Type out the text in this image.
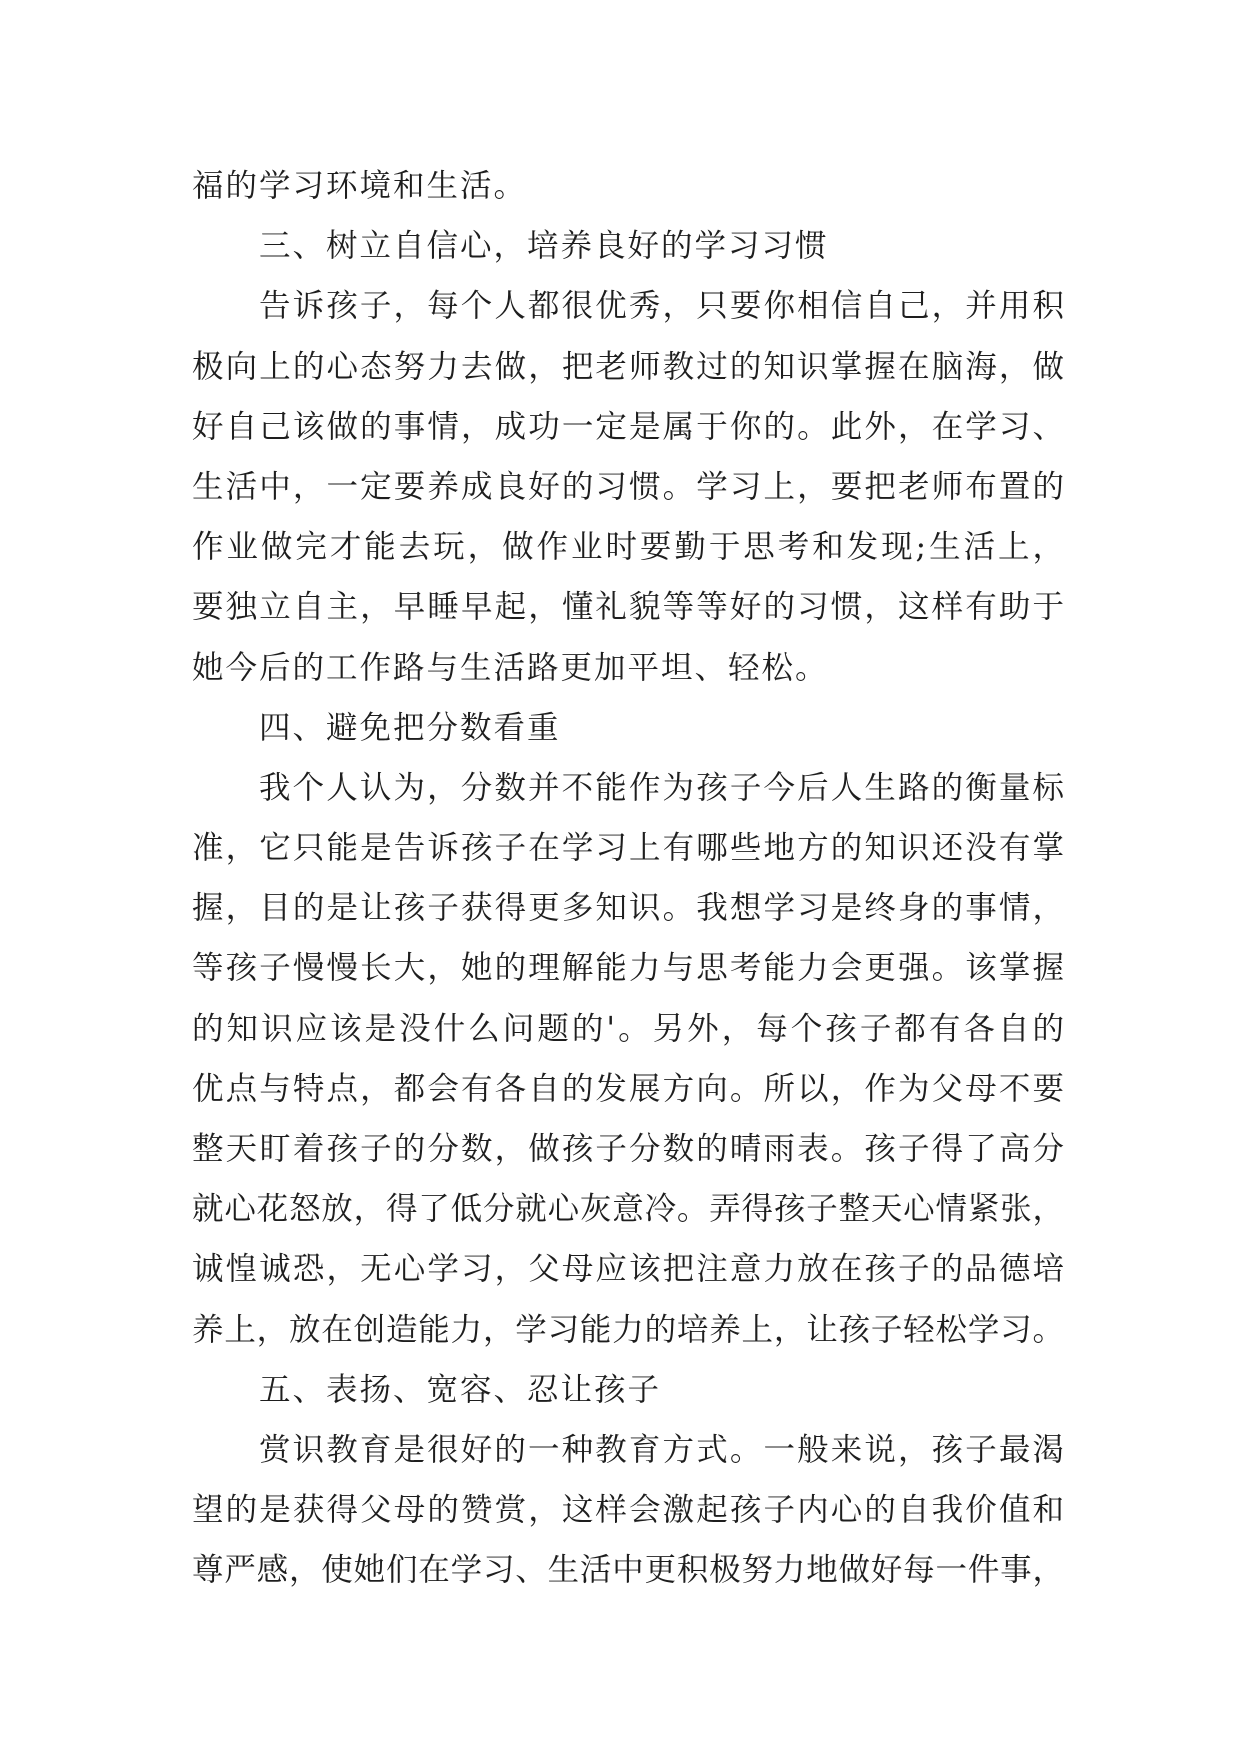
福的学习环境和生活。
三、树立自信心，培养良好的学习习惯
告诉孩子，每个人都很优秀，只要你相信自己，并用积
极向上的心态努力去做，把老师教过的知识掌握在脑海，做
好自己该做的事情，成功一定是属于你的。此外，在学习、
生活中，一定要养成良好的习惯。学习上，要把老师布置的
作业做完才能去玩，做作业时要勤于思考和发现;生活上，
要独立自主，早睡早起，懂礼貌等等好的习惯，这样有助于
她今后的工作路与生活路更加平坦、轻松。
四、避免把分数看重
我个人认为，分数并不能作为孩子今后人生路的衡量标
准，它只能是告诉孩子在学习上有哪些地方的知识还没有掌
握，目的是让孩子获得更多知识。我想学习是终身的事情，
等孩子慢慢长大，她的理解能力与思考能力会更强。该掌握
的知识应该是没什么问题的'。另外，每个孩子都有各自的
优点与特点，都会有各自的发展方向。所以，作为父母不要
整天盯着孩子的分数，做孩子分数的晴雨表。孩子得了高分
就心花怒放，得了低分就心灰意冷。弄得孩子整天心情紧张，
诚惶诚恐，无心学习，父母应该把注意力放在孩子的品德培
养上，放在创造能力，学习能力的培养上，让孩子轻松学习。
五、表扬、宽容、忍让孩子
赏识教育是很好的一种教育方式。一般来说，孩子最渴
望的是获得父母的赞赏，这样会激起孩子内心的自我价值和
尊严感，使她们在学习、生活中更积极努力地做好每一件事，
